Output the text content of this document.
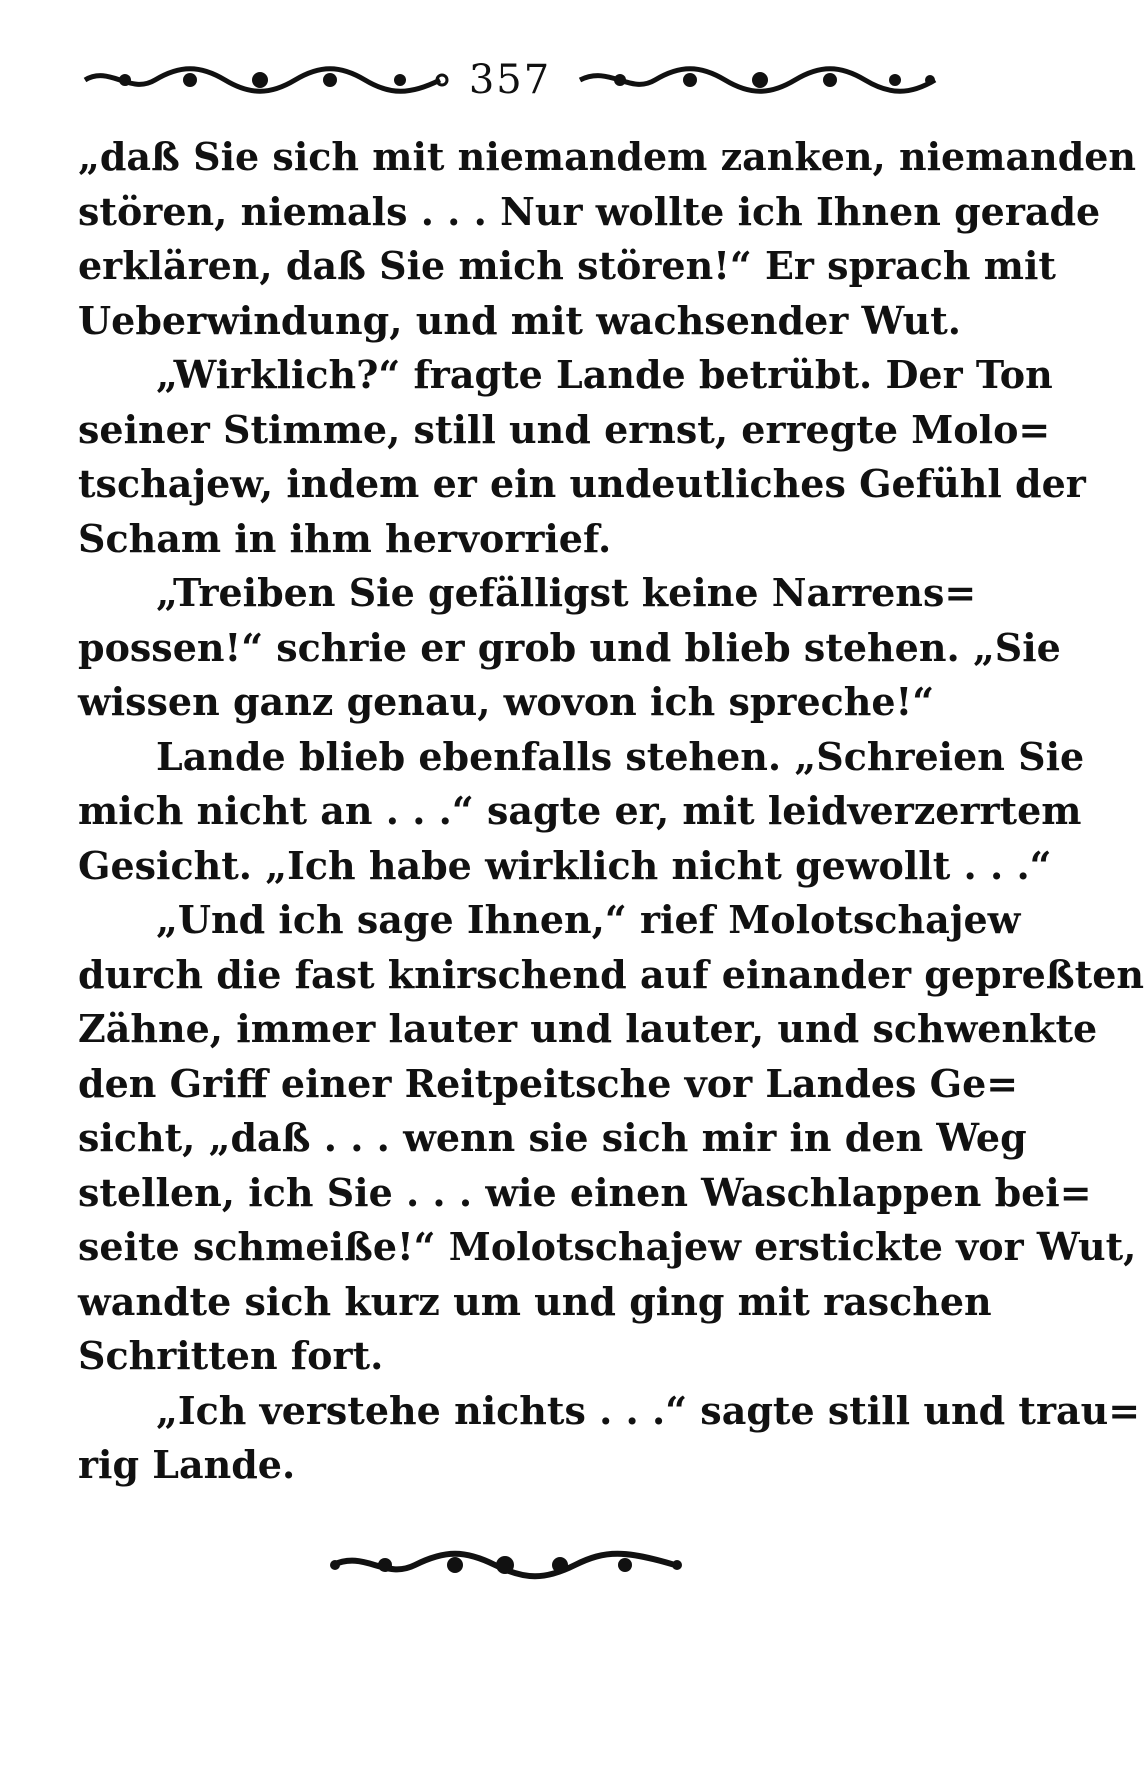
357

„daß Sie sich mit niemandem zanken, niemanden
stören, niemals . . . Nur wollte ich Ihnen gerade
erklären, daß Sie mich stören!“ Er sprach mit
Ueberwindung, und mit wachsender Wut.

„Wirklich?“ fragte Lande betrübt. Der Ton
seiner Stimme, still und ernst, erregte Molo=
tschajew, indem er ein undeutliches Gefühl der
Scham in ihm hervorrief.

„Treiben Sie gefälligst keine Narrens=
possen!“ schrie er grob und blieb stehen. „Sie
wissen ganz genau, wovon ich spreche!“

Lande blieb ebenfalls stehen. „Schreien Sie
mich nicht an . . .“ sagte er, mit leidverzerrtem
Gesicht. „Ich habe wirklich nicht gewollt . . .“

„Und ich sage Ihnen,“ rief Molotschajew
durch die fast knirschend auf einander gepreßten
Zähne, immer lauter und lauter, und schwenkte
den Griff einer Reitpeitsche vor Landes Ge=
sicht, „daß . . . wenn sie sich mir in den Weg
stellen, ich Sie . . . wie einen Waschlappen bei=
seite schmeiße!“ Molotschajew erstickte vor Wut,
wandte sich kurz um und ging mit raschen
Schritten fort.

„Ich verstehe nichts . . .“ sagte still und trau=
rig Lande.
